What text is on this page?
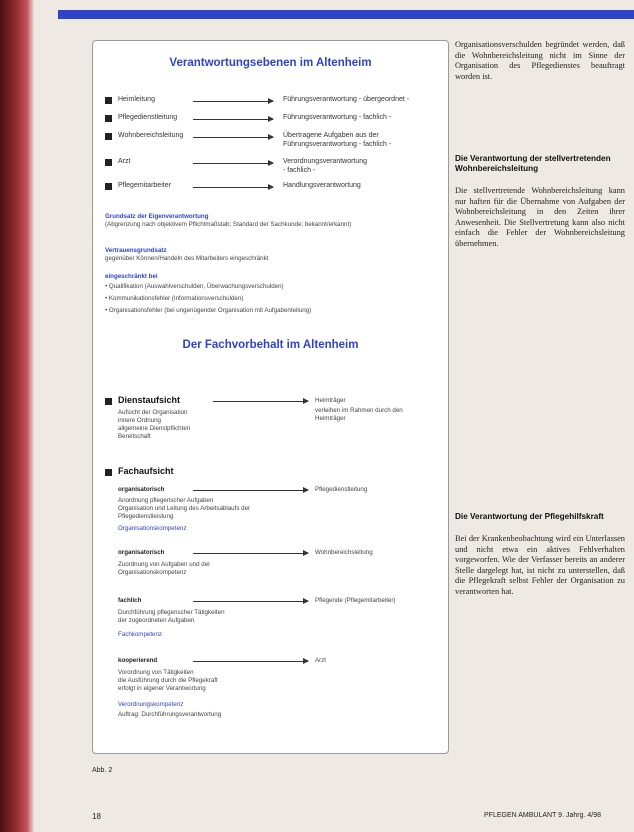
Verantwortungsebenen im Altenheim
Heimleitung	Führungsverantwortung - übergeordnet -
Pflegedienstleitung	Führungsverantwortung - fachlich -
Wohnbereichsleitung	Übertragene Aufgaben aus der
Führungsverantwortung - fachlich -
Arzt	Verordnungsverantwortung
- fachlich -
Pflegemitarbeiter	Handlungsverantwortung
Grundsatz der Eigenverantwortung
(Abgrenzung nach objektivem Pflichtmaßstab; Standard der Sachkunde; bekannt/erkannt)
Vertrauensgrundsatz
gegenüber Können/Handeln des Mitarbeiters eingeschränkt
eingeschränkt bei
• Qualifikation (Auswahlverschulden, Überwachungsverschulden)
• Kommunikationsfehler (Informationsverschulden)
• Organisationsfehler (bei ungenügender Organisation mit Aufgabenteilung)
Der Fachvorbehalt im Altenheim
Dienstaufsicht	Heimträger
verleihen im Rahmen durch den Heimträger
Aufsicht der Organisation
innere Ordnung
allgemeine Dienstpflichten
Bereitschaft
Fachaufsicht
organisatorisch	Pflegedienstleitung
Anordnung pflegerischer Aufgaben
Organisation und Leitung des Arbeitsablaufs der
Pflegedienstleistung
Organisationskompetenz
organisatorisch	Wohnbereichsleitung
Zuordnung von Aufgaben und der
Organisationskompetenz
fachlich	Pflegende (Pflegemitarbeiter)
Durchführung pflegerischer Tätigkeiten
der zugeordneten Aufgaben
Fachkompetenz
kooperierend	Arzt
Vorordnung von Tätigkeiten
die Ausführung durch die Pflegekraft
erfolgt in eigener Verantwortung
Verordnungskompetenz
Auftrag: Durchführungsverantwortung
Abb. 2
Organisationsverschulden begründet werden, daß die Wohnbereichsleitung nicht im Sinne der Organisation des Pflegedienstes beauftragt worden ist.
Die Verantwortung der stellvertretenden Wohnbereichsleitung
Die stellvertretende Wohnbereichsleitung kann nur haften für die Übernahme von Aufgaben der Wohnbereichsleitung in den Zeiten ihrer Anwesenheit. Die Stellvertretung kann also nicht einfach die Fehler der Wohnbereichsleitung übernehmen.
Die Verantwortung der Pflegehilfskraft
Bei der Krankenbeobachtung wird ein Unterlassen und nicht etwa ein aktives Fehlverhalten vorgeworfen. Wie der Verfasser bereits an anderer Stelle dargelegt hat, ist nicht zu unterstellen, daß die Pflegekraft selbst Fehler der Organisation zu verantworten hat.
18	PFLEGEN AMBULANT 9. Jahrg. 4/98
